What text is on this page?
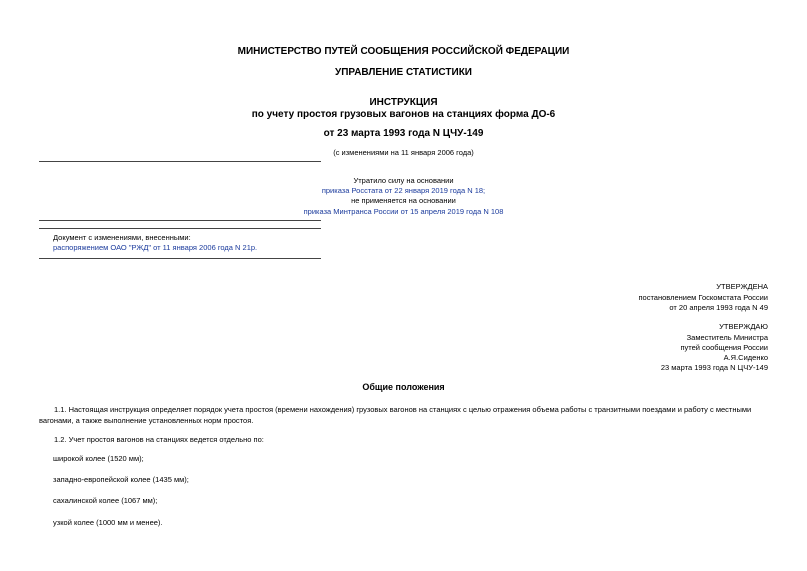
МИНИСТЕРСТВО ПУТЕЙ СООБЩЕНИЯ РОССИЙСКОЙ ФЕДЕРАЦИИ
УПРАВЛЕНИЕ СТАТИСТИКИ
ИНСТРУКЦИЯ
по учету простоя грузовых вагонов на станциях форма ДО-6
от 23 марта 1993 года N ЦЧУ-149
(с изменениями на 11 января 2006 года)
Утратило силу на основании
приказа Росстата от 22 января 2019 года N 18;
не применяется на основании
приказа Минтранса России от 15 апреля 2019 года N 108
Документ с изменениями, внесенными:
распоряжением ОАО "РЖД" от 11 января 2006 года N 21р.
УТВЕРЖДЕНА
постановлением Госкомстата России
от 20 апреля 1993 года N 49
УТВЕРЖДАЮ
Заместитель Министра
путей сообщения России
А.Я.Сиденко
23 марта 1993 года N ЦЧУ-149
Общие положения
1.1. Настоящая инструкция определяет порядок учета простоя (времени нахождения) грузовых вагонов на станциях с целью отражения объема работы с транзитными поездами и работу с местными вагонами, а также выполнение установленных норм простоя.
1.2. Учет простоя вагонов на станциях ведется отдельно по:
широкой колее (1520 мм);
западно-европейской колее (1435 мм);
сахалинской колее (1067 мм);
узкой колее (1000 мм и менее).
